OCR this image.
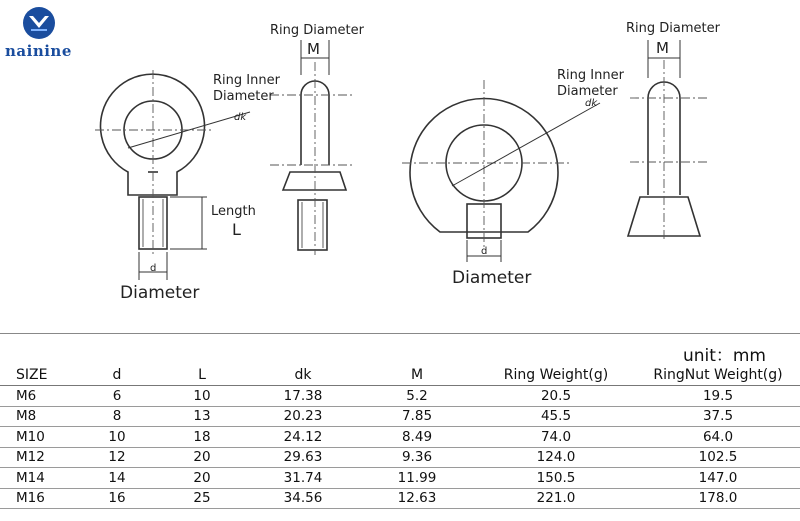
nainine
Ring Diameter
M
Ring Inner
Diameter
dk
Length
L
d
Diameter
Ring Diameter
M
Ring Inner
Diameter
dk
d
Diameter
unit：mm
SIZE	d	L	dk	M	Ring Weight(g)	RingNut Weight(g)
M6	6	10	17.38	5.2	20.5	19.5
M8	8	13	20.23	7.85	45.5	37.5
M10	10	18	24.12	8.49	74.0	64.0
M12	12	20	29.63	9.36	124.0	102.5
M14	14	20	31.74	11.99	150.5	147.0
M16	16	25	34.56	12.63	221.0	178.0
